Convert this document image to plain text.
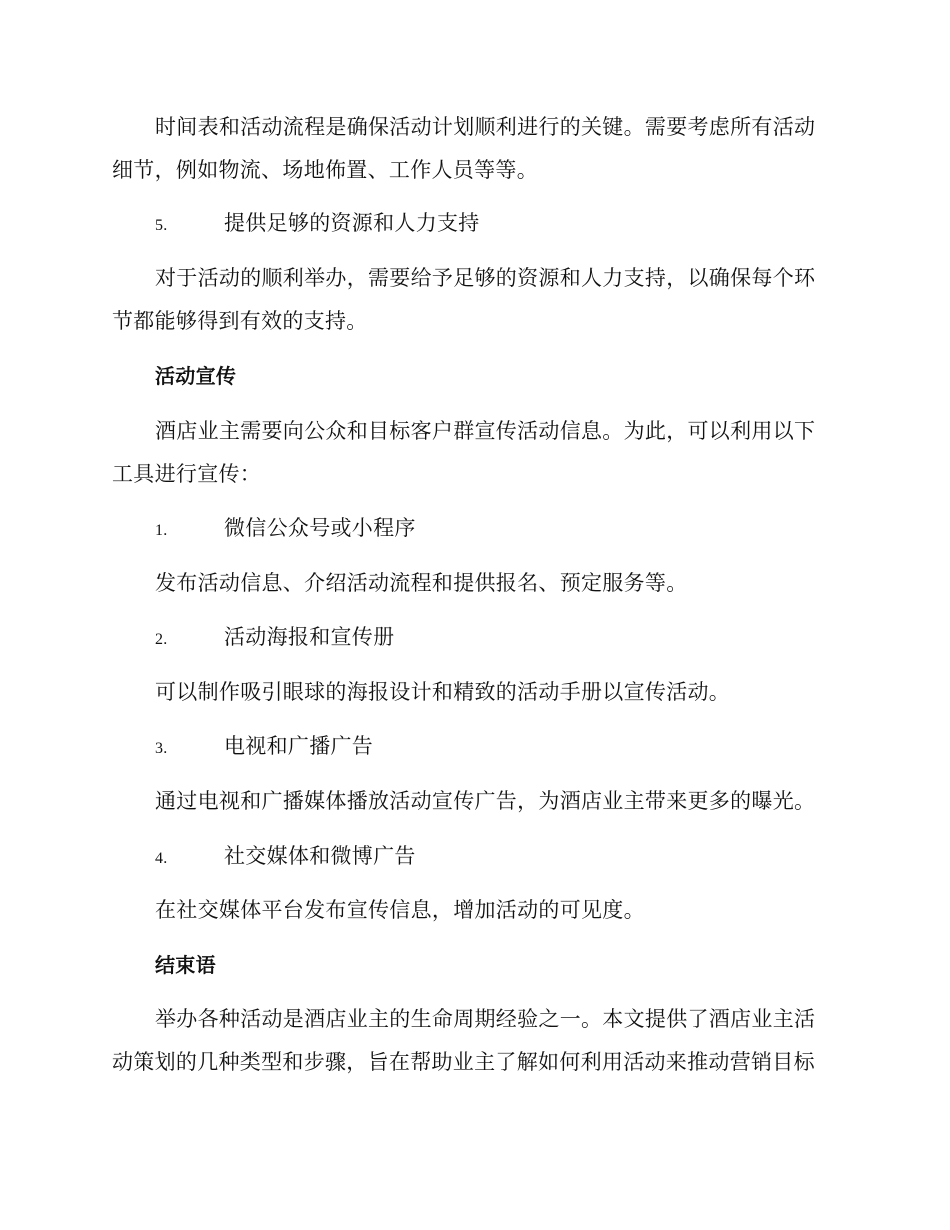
时间表和活动流程是确保活动计划顺利进行的关键。需要考虑所有活动细节，例如物流、场地佈置、工作人员等等。

5.	提供足够的资源和人力支持

对于活动的顺利举办，需要给予足够的资源和人力支持，以确保每个环节都能够得到有效的支持。

活动宣传

酒店业主需要向公众和目标客户群宣传活动信息。为此，可以利用以下工具进行宣传：

1.	微信公众号或小程序

发布活动信息、介绍活动流程和提供报名、预定服务等。

2.	活动海报和宣传册

可以制作吸引眼球的海报设计和精致的活动手册以宣传活动。

3.	电视和广播广告

通过电视和广播媒体播放活动宣传广告，为酒店业主带来更多的曝光。

4.	社交媒体和微博广告

在社交媒体平台发布宣传信息，增加活动的可见度。

结束语

举办各种活动是酒店业主的生命周期经验之一。本文提供了酒店业主活动策划的几种类型和步骤，旨在帮助业主了解如何利用活动来推动营销目标
